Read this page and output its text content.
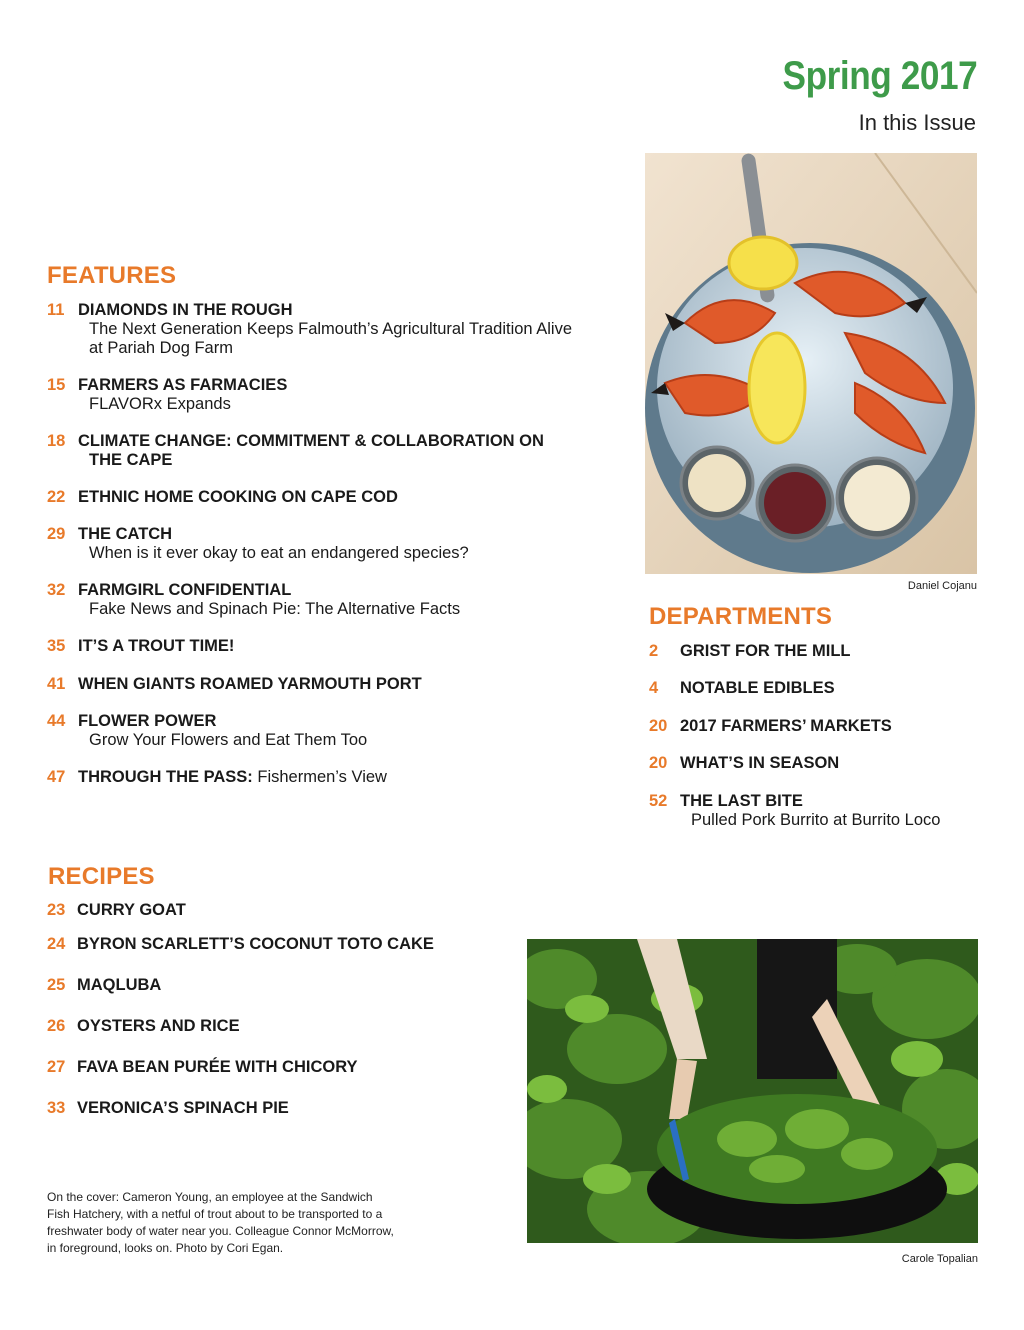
Spring 2017
In this Issue
Daniel Cojanu
FEATURES
11 DIAMONDS IN THE ROUGH
The Next Generation Keeps Falmouth’s Agricultural Tradition Alive
at Pariah Dog Farm
15 FARMERS AS FARMACIES
FLAVORx Expands
18 CLIMATE CHANGE: COMMITMENT & COLLABORATION ON
THE CAPE
22 ETHNIC HOME COOKING ON CAPE COD
29 THE CATCH
When is it ever okay to eat an endangered species?
32 FARMGIRL CONFIDENTIAL
Fake News and Spinach Pie: The Alternative Facts
35 IT’S A TROUT TIME!
41 WHEN GIANTS ROAMED YARMOUTH PORT
44 FLOWER POWER
Grow Your Flowers and Eat Them Too
47 THROUGH THE PASS: Fishermen’s View
DEPARTMENTS
2 GRIST FOR THE MILL
4 NOTABLE EDIBLES
20 2017 FARMERS’ MARKETS
20 WHAT’S IN SEASON
52 THE LAST BITE
Pulled Pork Burrito at Burrito Loco
RECIPES
23 CURRY GOAT
24 BYRON SCARLETT’S COCONUT TOTO CAKE
25 MAQLUBA
26 OYSTERS AND RICE
27 FAVA BEAN PURÉE WITH CHICORY
33 VERONICA’S SPINACH PIE
Carole Topalian
On the cover: Cameron Young, an employee at the Sandwich Fish Hatchery, with a netful of trout about to be transported to a freshwater body of water near you. Colleague Connor McMorrow, in foreground, looks on. Photo by Cori Egan.
